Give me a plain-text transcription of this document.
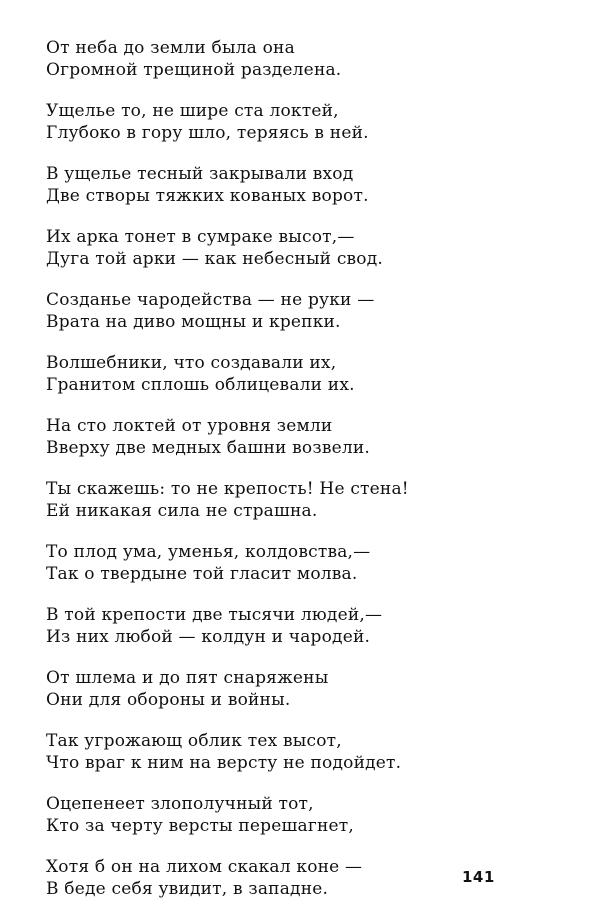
От неба до земли была она
Огромной трещиной разделена.
Ущелье то, не шире ста локтей,
Глубоко в гору шло, теряясь в ней.
В ущелье тесный закрывали вход
Две створы тяжких кованых ворот.
Их арка тонет в сумраке высот,—
Дуга той арки — как небесный свод.
Созданье чародейства — не руки —
Врата на диво мощны и крепки.
Волшебники, что создавали их,
Гранитом сплошь облицевали их.
На сто локтей от уровня земли
Вверху две медных башни возвели.
Ты скажешь: то не крепость! Не стена!
Ей никакая сила не страшна.
То плод ума, уменья, колдовства,—
Так о твердыне той гласит молва.
В той крепости две тысячи людей,—
Из них любой — колдун и чародей.
От шлема и до пят снаряжены
Они для обороны и войны.
Так угрожающ облик тех высот,
Что враг к ним на версту не подойдет.
Оцепенеет злополучный тот,
Кто за черту версты перешагнет,
Хотя б он на лихом скакал коне —
В беде себя увидит, в западне.
141
